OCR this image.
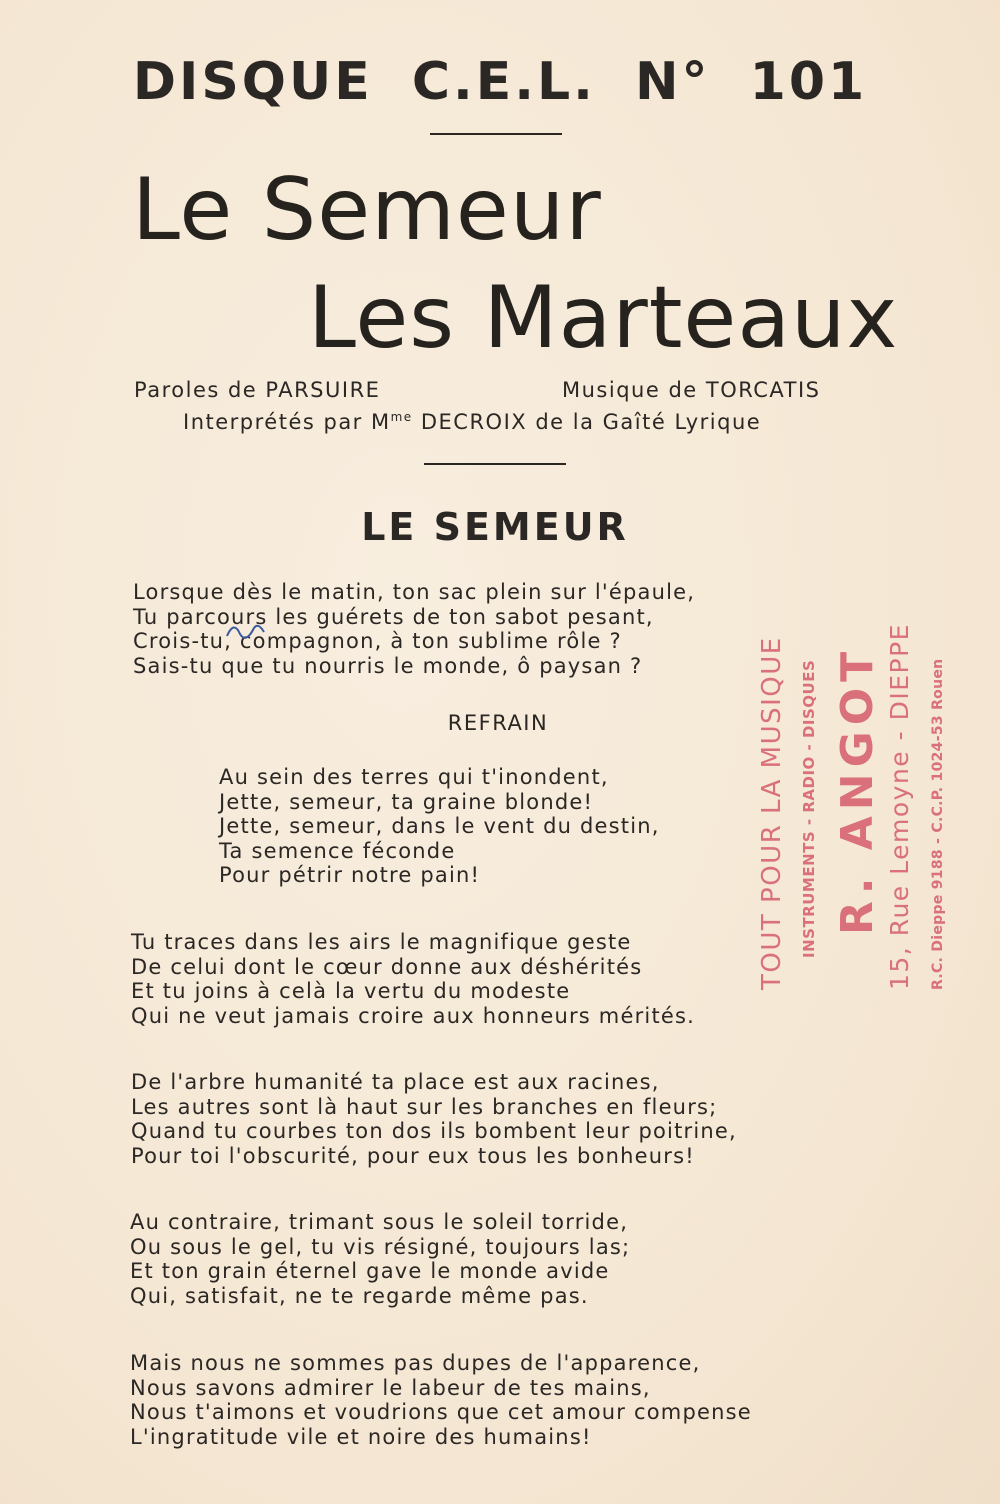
DISQUE C.E.L. N° 101
Le Semeur
Les Marteaux
Paroles de PARSUIRE	Musique de TORCATIS
Interprétés par $M^{me}$ DECROIX de la Gaîté Lyrique
LE SEMEUR
Lorsque dès le matin, ton sac plein sur l'épaule,
Tu parcours les guérets de ton sabot pesant,
Crois-tu, compagnon, à ton sublime rôle ?
Sais-tu que tu nourris le monde, ô paysan ?
REFRAIN
Au sein des terres qui t'inondent,
Jette, semeur, ta graine blonde!
Jette, semeur, dans le vent du destin,
Ta semence féconde
Pour pétrir notre pain!
Tu traces dans les airs le magnifique geste
De celui dont le cœur donne aux déshérités
Et tu joins à celà la vertu du modeste
Qui ne veut jamais croire aux honneurs mérités.
De l'arbre humanité ta place est aux racines,
Les autres sont là haut sur les branches en fleurs;
Quand tu courbes ton dos ils bombent leur poitrine,
Pour toi l'obscurité, pour eux tous les bonheurs!
Au contraire, trimant sous le soleil torride,
Ou sous le gel, tu vis résigné, toujours las;
Et ton grain éternel gave le monde avide
Qui, satisfait, ne te regarde même pas.
Mais nous ne sommes pas dupes de l'apparence,
Nous savons admirer le labeur de tes mains,
Nous t'aimons et voudrions que cet amour compense
L'ingratitude vile et noire des humains!
TOUT POUR LA MUSIQUE INSTRUMENTS - RADIO - DISQUES R. ANGOT 15, Rue Lemoyne - DIEPPE R.C. Dieppe 9188 - C.C.P. 1024-53 Rouen
